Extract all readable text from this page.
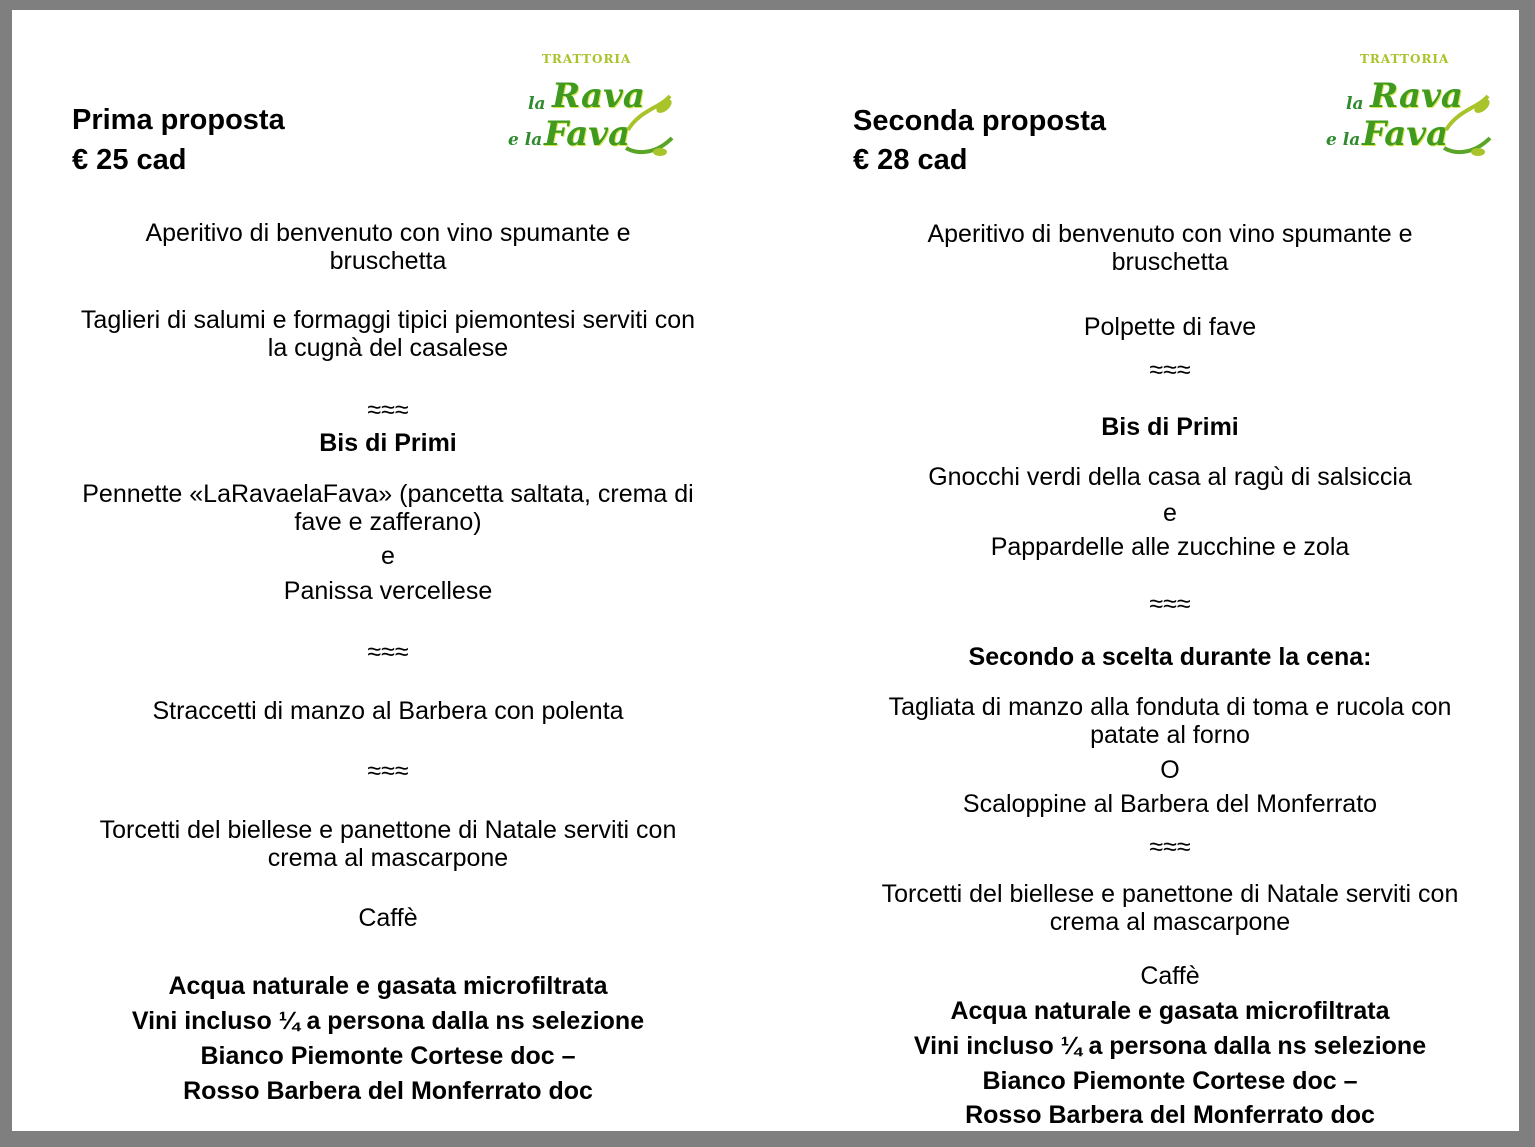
TRATTORIA
la Rava
e la Fava
Prima proposta
€ 25 cad
Aperitivo di benvenuto con vino spumante e bruschetta
Taglieri di salumi e formaggi tipici piemontesi serviti con la cugnà del casalese
≈≈≈
Bis di Primi
Pennette «LaRavaelaFava» (pancetta saltata, crema di fave e zafferano)
e
Panissa vercellese
≈≈≈
Straccetti di manzo al Barbera con polenta
≈≈≈
Torcetti del biellese e panettone di Natale serviti con crema al mascarpone
Caffè
Acqua naturale e gasata microfiltrata
Vini incluso ¼ a persona dalla ns selezione
Bianco Piemonte Cortese doc –
Rosso Barbera del Monferrato doc
TRATTORIA
la Rava
e la Fava
Seconda proposta
€ 28 cad
Aperitivo di benvenuto con vino spumante e bruschetta
Polpette di fave
≈≈≈
Bis di Primi
Gnocchi verdi della casa al ragù di salsiccia
e
Pappardelle alle zucchine e zola
≈≈≈
Secondo a scelta durante la cena:
Tagliata di manzo alla fonduta di toma e rucola con patate al forno
O
Scaloppine al Barbera del Monferrato
≈≈≈
Torcetti del biellese e panettone di Natale serviti con crema al mascarpone
Caffè
Acqua naturale e gasata microfiltrata
Vini incluso ¼ a persona dalla ns selezione
Bianco Piemonte Cortese doc –
Rosso Barbera del Monferrato doc
